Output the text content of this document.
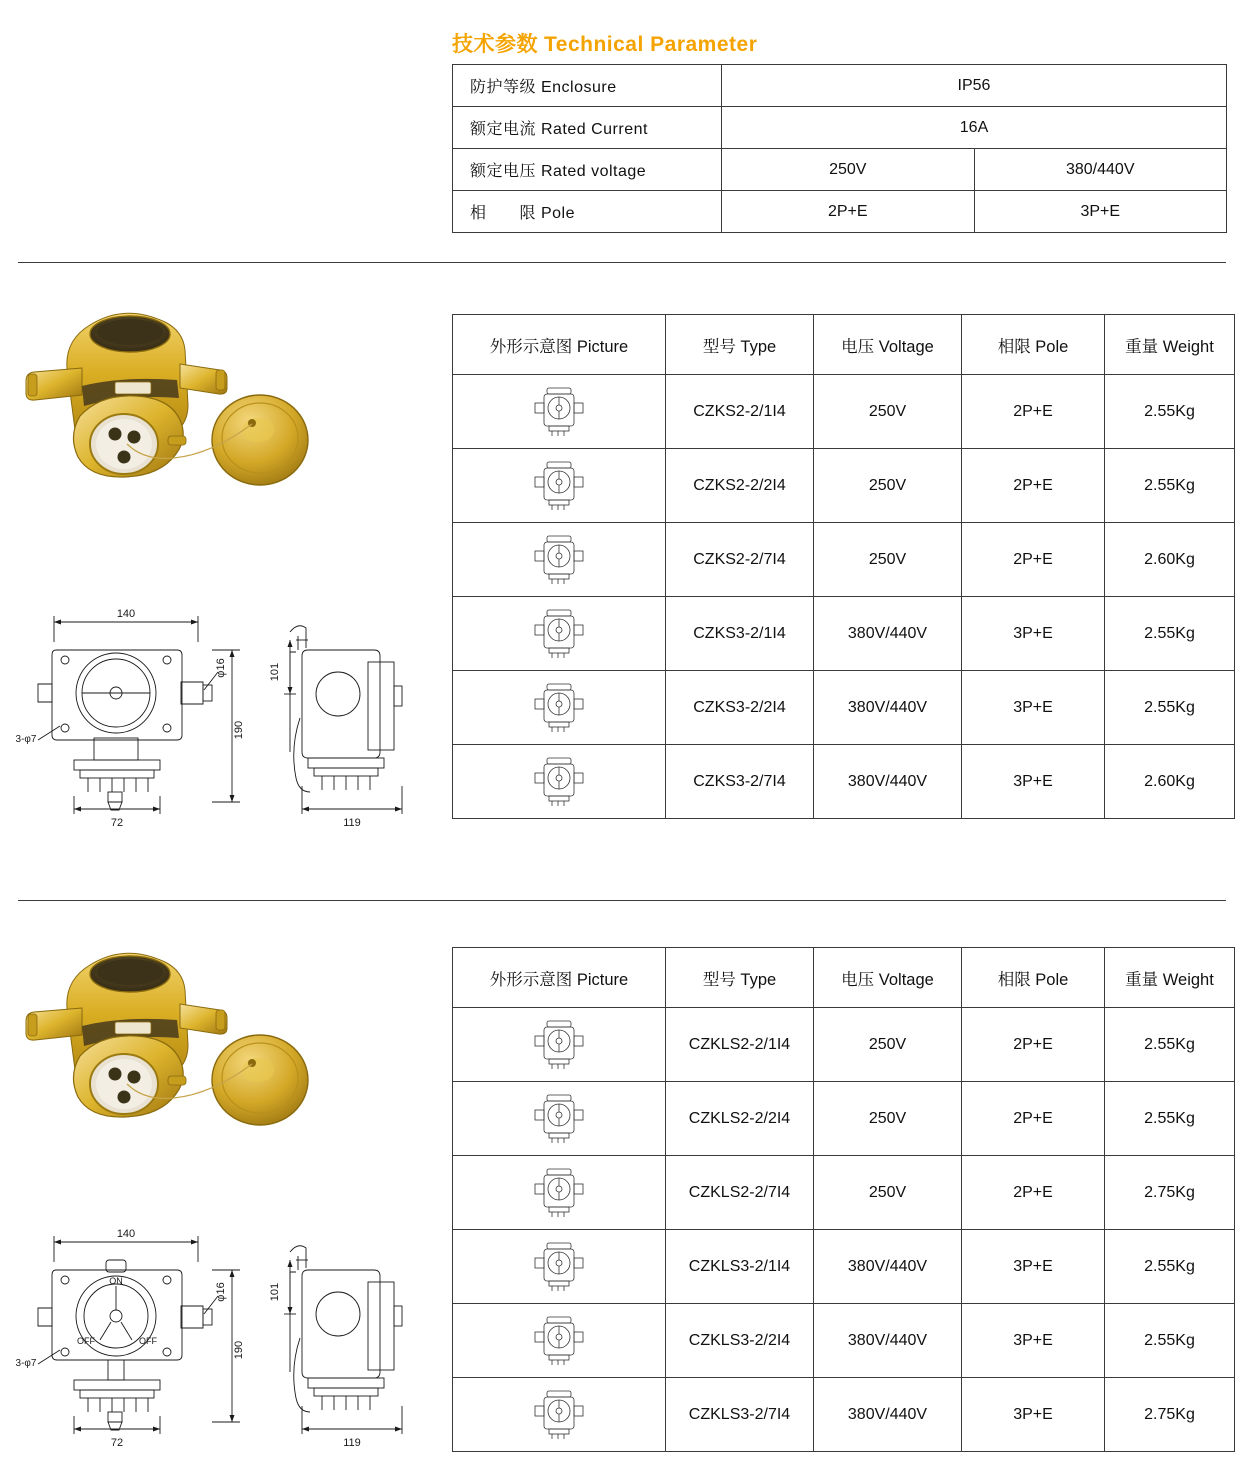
技术参数 Technical Parameter
防护等级 Enclosure	IP56	
额定电流 Rated Current	16A	
额定电压 Rated voltage	250V	380/440V
相　　限 Pole	2P+E	3P+E
140
190
φ16
3-φ7
72
101
119
外形示意图 Picture	型号 Type	电压 Voltage	相限 Pole	重量 Weight

	CZKS2-2/1I4	250V	2P+E	2.55Kg

	CZKS2-2/2I4	250V	2P+E	2.55Kg

	CZKS2-2/7I4	250V	2P+E	2.60Kg

	CZKS3-2/1I4	380V/440V	3P+E	2.55Kg

	CZKS3-2/2I4	380V/440V	3P+E	2.55Kg

	CZKS3-2/7I4	380V/440V	3P+E	2.60Kg
140
190
φ16
3-φ7
72
101
119
ON
OFF	OFF
外形示意图 Picture	型号 Type	电压 Voltage	相限 Pole	重量 Weight

	CZKLS2-2/1I4	250V	2P+E	2.55Kg

	CZKLS2-2/2I4	250V	2P+E	2.55Kg

	CZKLS2-2/7I4	250V	2P+E	2.75Kg

	CZKLS3-2/1I4	380V/440V	3P+E	2.55Kg

	CZKLS3-2/2I4	380V/440V	3P+E	2.55Kg

	CZKLS3-2/7I4	380V/440V	3P+E	2.75Kg
